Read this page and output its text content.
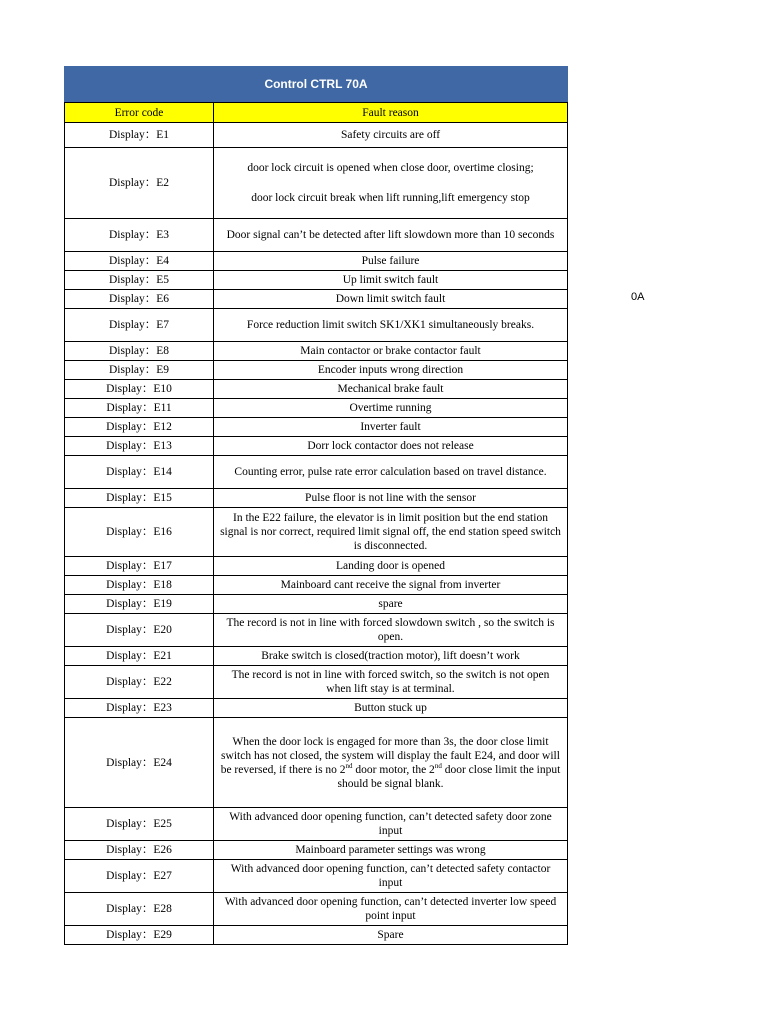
Control CTRL 70A
Error code	Fault reason
Display：E1	Safety circuits are off
Display：E2	door lock circuit is opened when close door, overtime closing;
door lock circuit break when lift running,lift emergency stop

Display：E3	Door signal can’t be detected after lift slowdown more than 10 seconds
Display：E4	Pulse failure
Display：E5	Up limit switch fault
Display：E6	Down limit switch fault
Display：E7	Force reduction limit switch SK1/XK1 simultaneously breaks.
Display：E8	Main contactor or brake contactor fault
Display：E9	Encoder inputs wrong direction
Display：E10	Mechanical brake fault
Display：E11	Overtime running
Display：E12	Inverter fault
Display：E13	Dorr lock contactor does not release
Display：E14	Counting error, pulse rate error calculation based on travel distance.
Display：E15	Pulse floor is not line with the sensor
Display：E16	In the E22 failure, the elevator is in limit position but the end station signal is nor correct, required limit signal off, the end station speed switch is disconnected.
Display：E17	Landing door is opened
Display：E18	Mainboard cant receive the signal from inverter
Display：E19	spare
Display：E20	The record is not in line with forced slowdown switch , so the switch is open.
Display：E21	Brake switch is closed(traction motor), lift doesn’t work
Display：E22	The record is not in line with forced switch, so the switch is not open when lift stay is at terminal.
Display：E23	Button stuck up
Display：E24	When the door lock is engaged for more than 3s, the door close limit switch has not closed, the system will display the fault E24, and door will be reversed, if there is no 2nd door motor, the 2nd door close limit the input should be signal blank.
Display：E25	With advanced door opening function, can’t detected safety door zone input
Display：E26	Mainboard parameter settings was wrong
Display：E27	With advanced door opening function, can’t detected safety contactor input
Display：E28	With advanced door opening function, can’t detected inverter low speed point input
Display：E29	Spare
0A
